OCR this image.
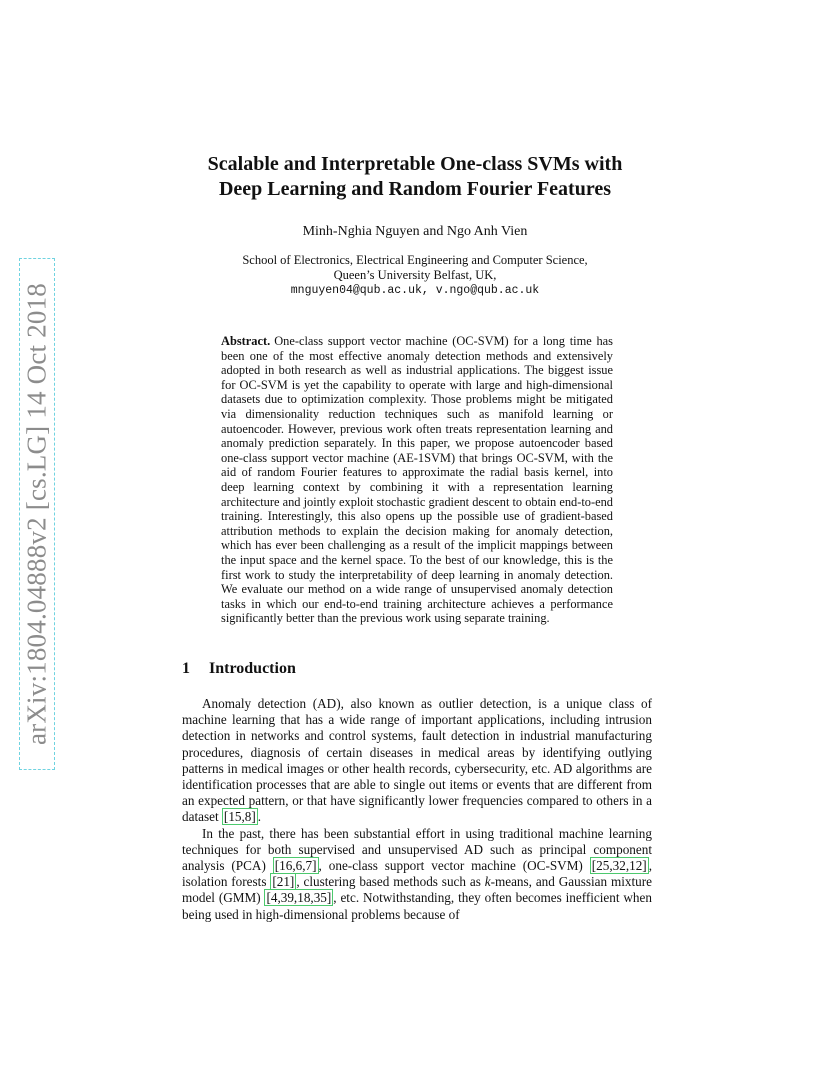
arXiv:1804.04888v2 [cs.LG] 14 Oct 2018
Scalable and Interpretable One-class SVMs with
Deep Learning and Random Fourier Features
Minh-Nghia Nguyen and Ngo Anh Vien
School of Electronics, Electrical Engineering and Computer Science,
Queen’s University Belfast, UK,
mnguyen04@qub.ac.uk, v.ngo@qub.ac.uk
Abstract. One-class support vector machine (OC-SVM) for a long time has been one of the most effective anomaly detection methods and extensively adopted in both research as well as industrial applications. The biggest issue for OC-SVM is yet the capability to operate with large and high-dimensional datasets due to optimization complexity. Those problems might be mitigated via dimensionality reduction techniques such as manifold learning or autoencoder. However, previous work often treats representation learning and anomaly prediction separately. In this paper, we propose autoencoder based one-class support vector machine (AE-1SVM) that brings OC-SVM, with the aid of random Fourier features to approximate the radial basis kernel, into deep learning context by combining it with a representation learning architecture and jointly exploit stochastic gradient descent to obtain end-to-end training. Interestingly, this also opens up the possible use of gradient-based attribution methods to explain the decision making for anomaly detection, which has ever been challenging as a result of the implicit mappings between the input space and the kernel space. To the best of our knowledge, this is the first work to study the interpretability of deep learning in anomaly detection. We evaluate our method on a wide range of unsupervised anomaly detection tasks in which our end-to-end training architecture achieves a performance significantly better than the previous work using separate training.
1 Introduction

Anomaly detection (AD), also known as outlier detection, is a unique class of machine learning that has a wide range of important applications, including intrusion detection in networks and control systems, fault detection in industrial manufacturing procedures, diagnosis of certain diseases in medical areas by identifying outlying patterns in medical images or other health records, cybersecurity, etc. AD algorithms are identification processes that are able to single out items or events that are different from an expected pattern, or that have significantly lower frequencies compared to others in a dataset [15,8] .

In the past, there has been substantial effort in using traditional machine learning techniques for both supervised and unsupervised AD such as principal component analysis (PCA) [16,6,7] , one-class support vector machine (OC-SVM) [25,32,12] , isolation forests [21] , clustering based methods such as k-means, and Gaussian mixture model (GMM) [4,39,18,35] , etc. Notwithstanding, they often becomes inefficient when being used in high-dimensional problems because of
